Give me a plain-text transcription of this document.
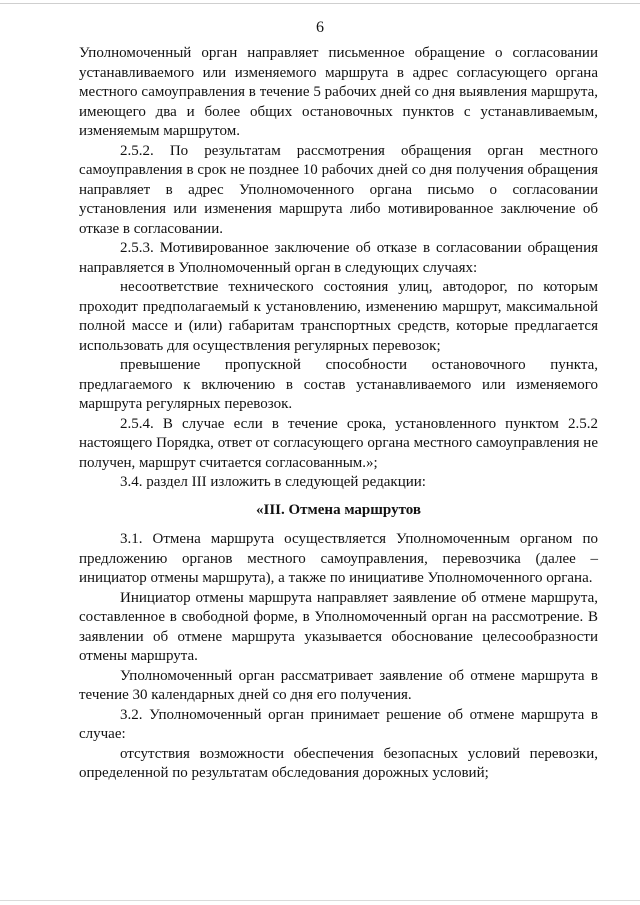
6

Уполномоченный орган направляет письменное обращение о согласовании устанавливаемого или изменяемого маршрута в адрес согласующего органа местного самоуправления в течение 5 рабочих дней со дня выявления маршрута, имеющего два и более общих остановочных пунктов с устанавливаемым, изменяемым маршрутом.

2.5.2. По результатам рассмотрения обращения орган местного самоуправления в срок не позднее 10 рабочих дней со дня получения обращения направляет в адрес Уполномоченного органа письмо о согласовании установления или изменения маршрута либо мотивированное заключение об отказе в согласовании.

2.5.3. Мотивированное заключение об отказе в согласовании обращения направляется в Уполномоченный орган в следующих случаях:

несоответствие технического состояния улиц, автодорог, по которым проходит предполагаемый к установлению, изменению маршрут, максимальной полной массе и (или) габаритам транспортных средств, которые предлагается использовать для осуществления регулярных перевозок;

превышение пропускной способности остановочного пункта, предлагаемого к включению в состав устанавливаемого или изменяемого маршрута регулярных перевозок.

2.5.4. В случае если в течение срока, установленного пунктом 2.5.2 настоящего Порядка, ответ от согласующего органа местного самоуправления не получен, маршрут считается согласованным.»;

3.4. раздел III изложить в следующей редакции:

«III. Отмена маршрутов

3.1. Отмена маршрута осуществляется Уполномоченным органом по предложению органов местного самоуправления, перевозчика (далее – инициатор отмены маршрута), а также по инициативе Уполномоченного органа.

Инициатор отмены маршрута направляет заявление об отмене маршрута, составленное в свободной форме, в Уполномоченный орган на рассмотрение. В заявлении об отмене маршрута указывается обоснование целесообразности отмены маршрута.

Уполномоченный орган рассматривает заявление об отмене маршрута в течение 30 календарных дней со дня его получения.

3.2. Уполномоченный орган принимает решение об отмене маршрута в случае:

отсутствия возможности обеспечения безопасных условий перевозки, определенной по результатам обследования дорожных условий;
